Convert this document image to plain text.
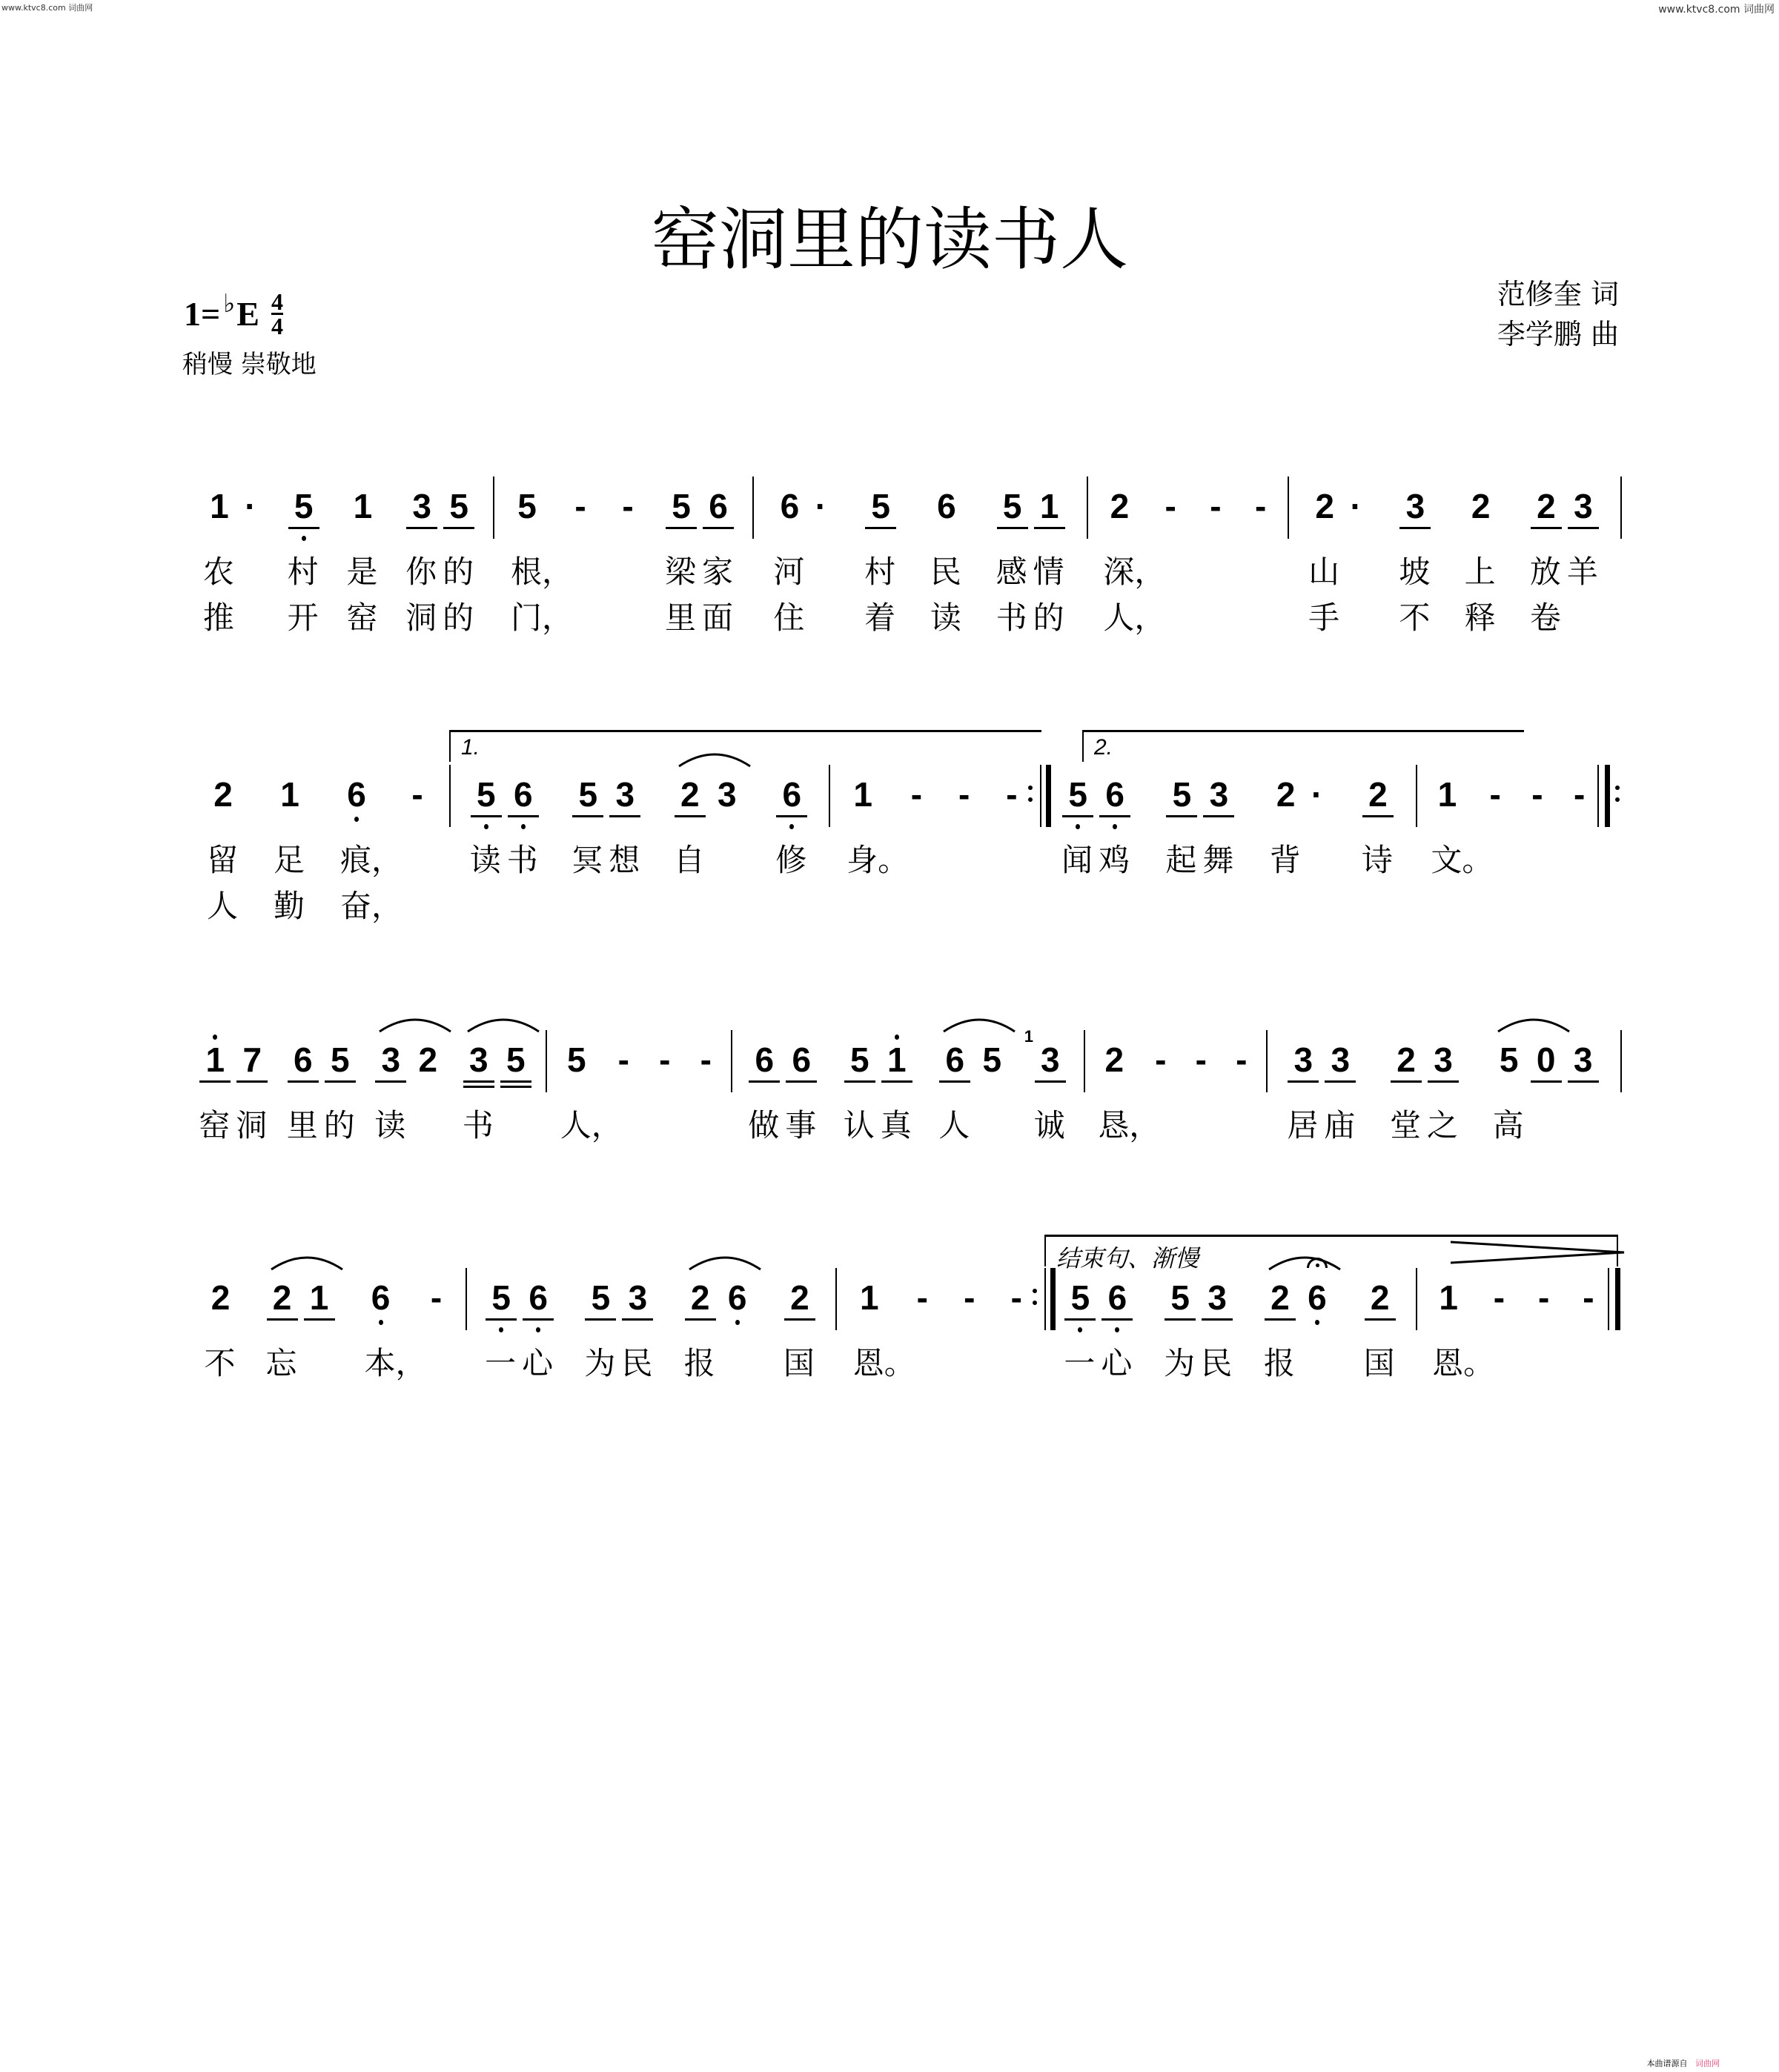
www.ktvc8.com 词曲网	www.ktvc8.com 词曲网
窑洞里的读书人
1= ♭ E 4
4
稍慢 崇敬地
范修奎 词
李学鹏 曲
1
农
推
· 5
村
开
1
是
窑
3
你
洞
5
的
的
5
根，
门，
- - 5
梁
里
6
家
面
6
河
住
· 5
村
着
6
民
读
5
感
书
1
情
的
2
深，
人，
- - - 2
山
手
· 3
坡
不
2
上
释
2
放
卷
3
羊
2
留
人
1
足
勤
6
痕，
奋，
- 5
读
6
书
5
冥
3
想
2
自
3 6
修
1
身。
- - - 5
闻
6
鸡
5
起
3
舞
2
背
· 2
诗
1
文。
- - -
1
窑
7
洞
6
里
5
的
3
读
2 3
书
5 5
人，
- - - 6
做
6
事
5
认
1
真
6
人
5 3
1
诚
2
恳，
- - - 3
居
3
庙
2
堂
3
之
5
高
0 3
2
不
2
忘
1 6
本，
- 5
一
6
心
5
为
3
民
2
报
6 2
国
1
恩。
- - - 5
一
6
心
5
为
3
民
2
报
6 2
国
1
恩。
- - -
1.	2.
结束句、渐慢
本曲谱源自 词曲网
